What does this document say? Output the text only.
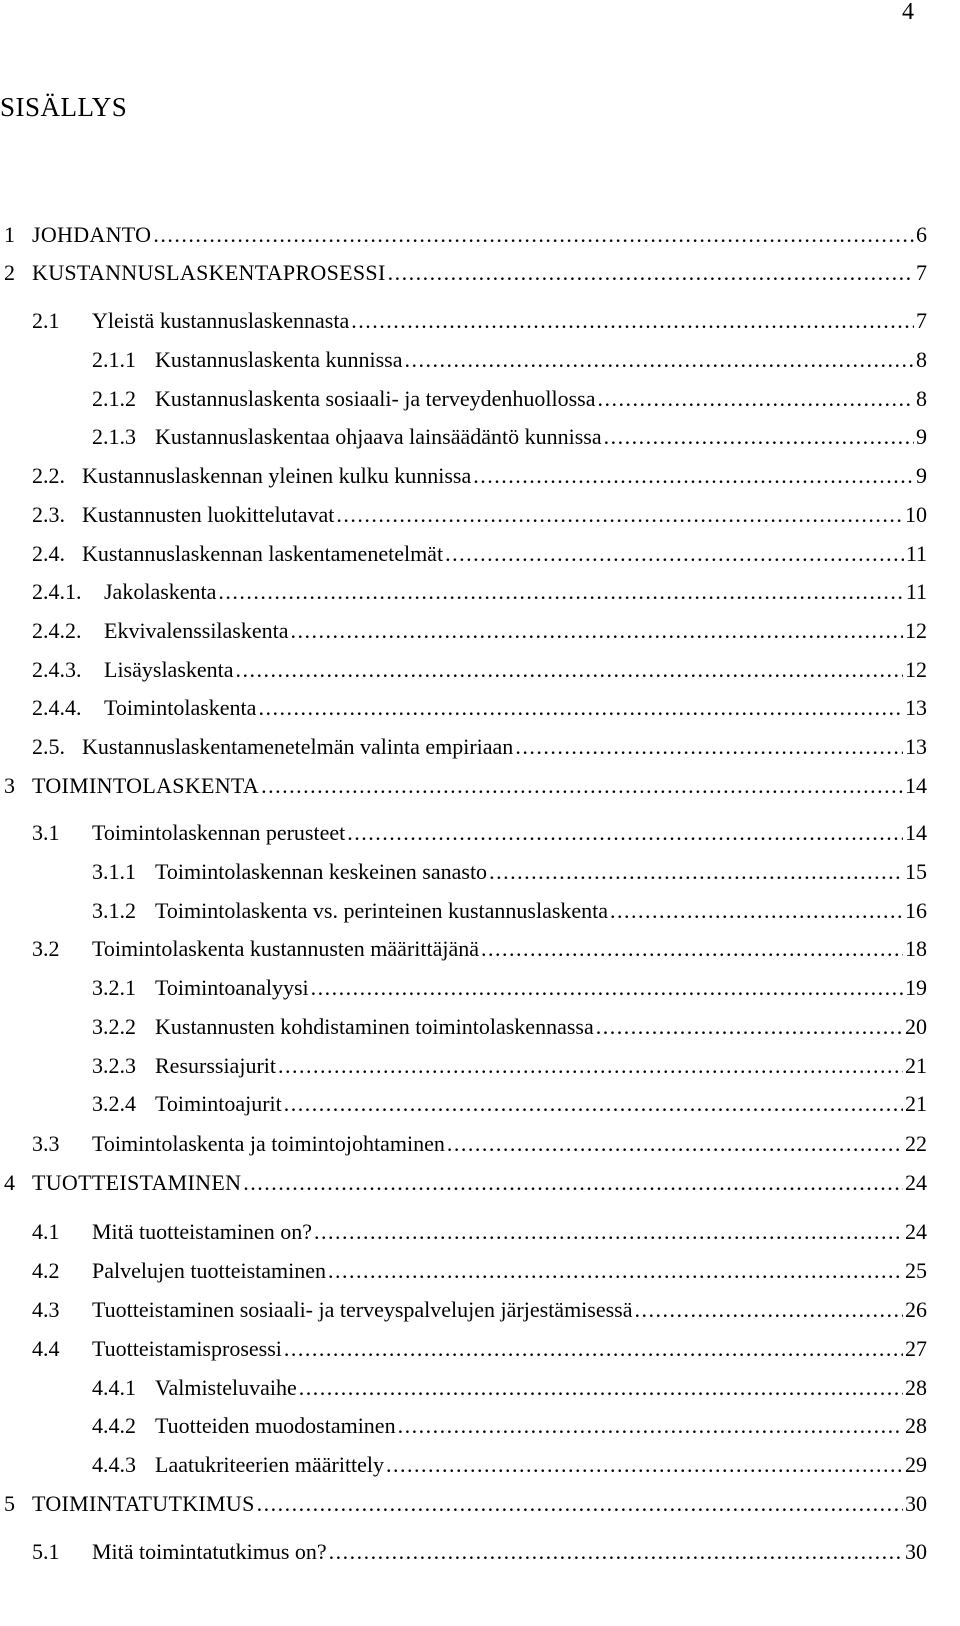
4
SISÄLLYS
1 JOHDANTO .....	6
2 KUSTANNUSLASKENTAPROSESSI .....	7
2.1 Yleistä kustannuslaskennasta .....	7
2.1.1 Kustannuslaskenta kunnissa .....	8
2.1.2 Kustannuslaskenta sosiaali- ja terveydenhuollossa .....	8
2.1.3 Kustannuslaskentaa ohjaava lainsäädäntö kunnissa .....	9
2.2. Kustannuslaskennan yleinen kulku kunnissa .....	9
2.3. Kustannusten luokittelutavat .....	10
2.4. Kustannuslaskennan laskentamenetelmät .....	11
2.4.1. Jakolaskenta .....	11
2.4.2. Ekvivalenssilaskenta .....	12
2.4.3. Lisäyslaskenta .....	12
2.4.4. Toimintolaskenta .....	13
2.5. Kustannuslaskentamenetelmän valinta empiriaan .....	13
3 TOIMINTOLASKENTA .....	14
3.1 Toimintolaskennan perusteet .....	14
3.1.1 Toimintolaskennan keskeinen sanasto .....	15
3.1.2 Toimintolaskenta vs. perinteinen kustannuslaskenta .....	16
3.2 Toimintolaskenta kustannusten määrittäjänä .....	18
3.2.1 Toimintoanalyysi .....	19
3.2.2 Kustannusten kohdistaminen toimintolaskennassa .....	20
3.2.3 Resurssiajurit .....	21
3.2.4 Toimintoajurit .....	21
3.3 Toimintolaskenta ja toimintojohtaminen .....	22
4 TUOTTEISTAMINEN .....	24
4.1 Mitä tuotteistaminen on? .....	24
4.2 Palvelujen tuotteistaminen .....	25
4.3 Tuotteistaminen sosiaali- ja terveyspalvelujen järjestämisessä .....	26
4.4 Tuotteistamisprosessi .....	27
4.4.1 Valmisteluvaihe .....	28
4.4.2 Tuotteiden muodostaminen .....	28
4.4.3 Laatukriteerien määrittely .....	29
5 TOIMINTATUTKIMUS .....	30
5.1 Mitä toimintatutkimus on? .....	30
